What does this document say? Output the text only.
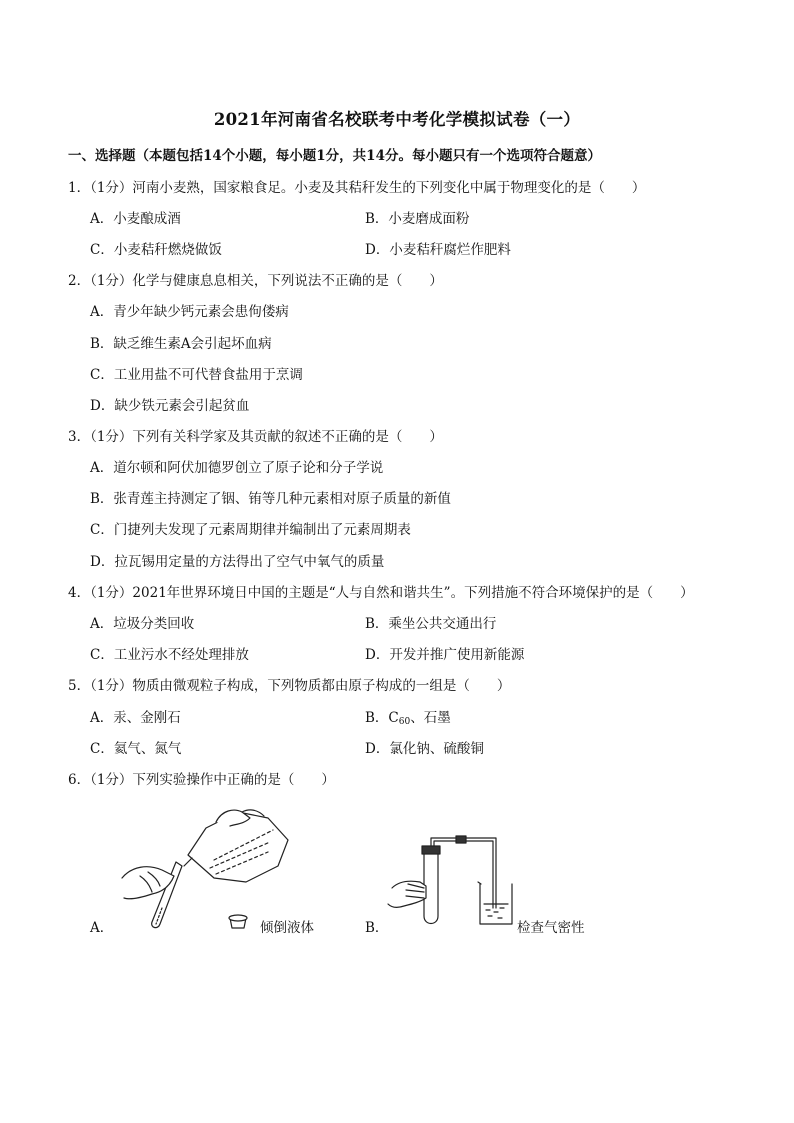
2021年河南省名校联考中考化学模拟试卷（一）
一、选择题（本题包括14个小题，每小题1分，共14分。每小题只有一个选项符合题意）
1．（1分）河南小麦熟，国家粮食足。小麦及其秸秆发生的下列变化中属于物理变化的是（　　）
A．小麦酿成酒	B．小麦磨成面粉
C．小麦秸秆燃烧做饭	D．小麦秸秆腐烂作肥料
2．（1分）化学与健康息息相关，下列说法不正确的是（　　）
A．青少年缺少钙元素会患佝偻病
B．缺乏维生素A会引起坏血病
C．工业用盐不可代替食盐用于烹调
D．缺少铁元素会引起贫血
3．（1分）下列有关科学家及其贡献的叙述不正确的是（　　）
A．道尔顿和阿伏加德罗创立了原子论和分子学说
B．张青莲主持测定了铟、铕等几种元素相对原子质量的新值
C．门捷列夫发现了元素周期律并编制出了元素周期表
D．拉瓦锡用定量的方法得出了空气中氧气的质量
4．（1分）2021年世界环境日中国的主题是“人与自然和谐共生”。下列措施不符合环境保护的是（　　）
A．垃圾分类回收	B．乘坐公共交通出行
C．工业污水不经处理排放	D．开发并推广使用新能源
5．（1分）物质由微观粒子构成，下列物质都由原子构成的一组是（　　）
A．汞、金刚石	B．$C_{60}$、石墨
C．氦气、氮气	D．氯化钠、硫酸铜
6．（1分）下列实验操作中正确的是（　　）
A．	倾倒液体	B．	检查气密性
